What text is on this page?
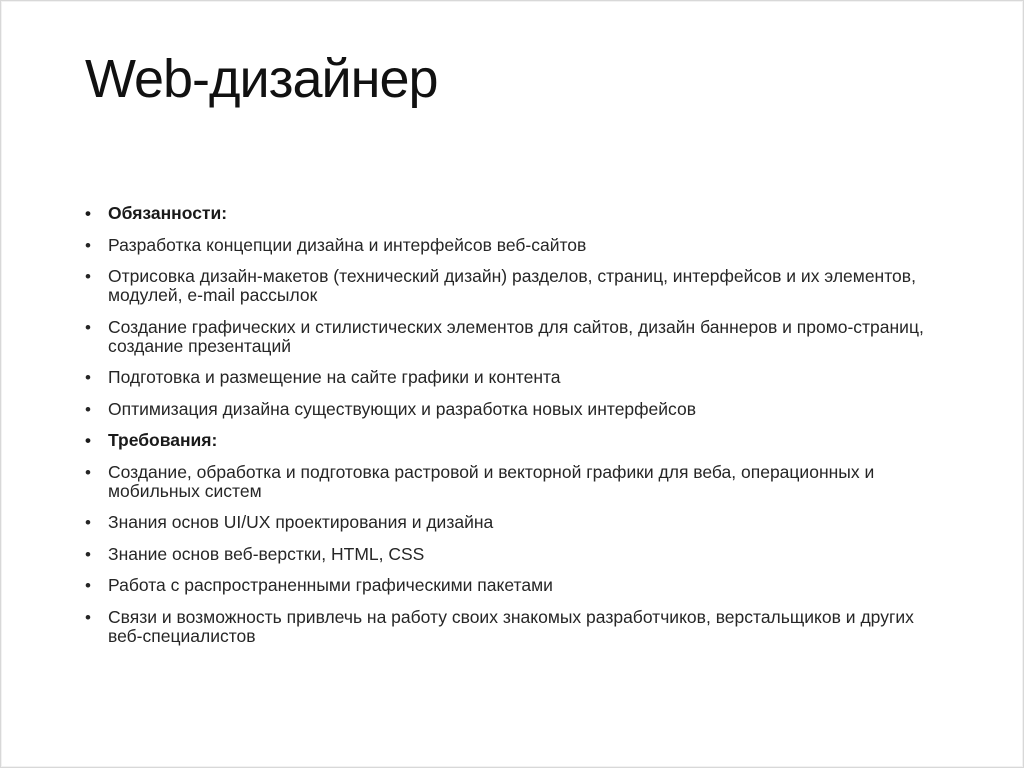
Web-дизайнер
• Обязанности:
• Разработка концепции дизайна и интерфейсов веб-сайтов
• Отрисовка дизайн-макетов (технический дизайн) разделов, страниц, интерфейсов и их элементов, модулей, e-mail рассылок
• Создание графических и стилистических элементов для сайтов, дизайн баннеров и промо-страниц, создание презентаций
• Подготовка и размещение на сайте графики и контента
• Оптимизация дизайна существующих и разработка новых интерфейсов
• Требования:
• Создание, обработка и подготовка растровой и векторной графики для веба, операционных и мобильных систем
• Знания основ UI/UX проектирования и дизайна
• Знание основ веб-верстки, HTML, CSS
• Работа с распространенными графическими пакетами
• Связи и возможность привлечь на работу своих знакомых разработчиков, верстальщиков и других веб-специалистов
